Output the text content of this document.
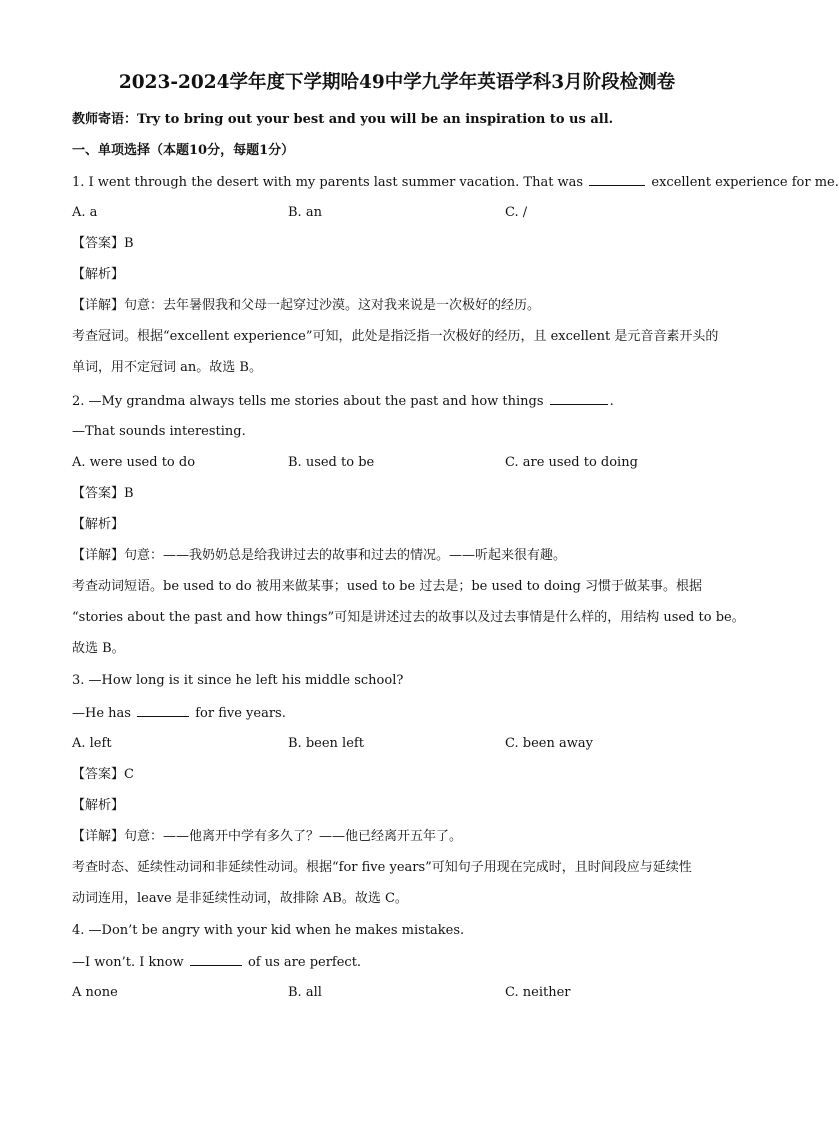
2023-2024学年度下学期哈49中学九学年英语学科3月阶段检测卷
教师寄语：Try to bring out your best and you will be an inspiration to us all.
一、单项选择（本题10分，每题1分）
1. I went through the desert with my parents last summer vacation. That was	excellent experience for me.
A. a	B. an	C. /
【答案】B
【解析】
【详解】句意：去年暑假我和父母一起穿过沙漠。这对我来说是一次极好的经历。
考查冠词。根据“excellent experience”可知，此处是指泛指一次极好的经历，且 excellent 是元音音素开头的
单词，用不定冠词 an。故选 B。
2. —My grandma always tells me stories about the past and how things	.
—That sounds interesting.
A. were used to do	B. used to be	C. are used to doing
【答案】B
【解析】
【详解】句意：——我奶奶总是给我讲过去的故事和过去的情况。——听起来很有趣。
考查动词短语。be used to do 被用来做某事；used to be 过去是；be used to doing 习惯于做某事。根据
“stories about the past and how things”可知是讲述过去的故事以及过去事情是什么样的，用结构 used to be。
故选 B。
3. —How long is it since he left his middle school?
—He has	for five years.
A. left	B. been left	C. been away
【答案】C
【解析】
【详解】句意：——他离开中学有多久了？——他已经离开五年了。
考查时态、延续性动词和非延续性动词。根据“for five years”可知句子用现在完成时，且时间段应与延续性
动词连用，leave 是非延续性动词，故排除 AB。故选 C。
4. —Don’t be angry with your kid when he makes mistakes.
—I won’t. I know	of us are perfect.
A none	B. all	C. neither
